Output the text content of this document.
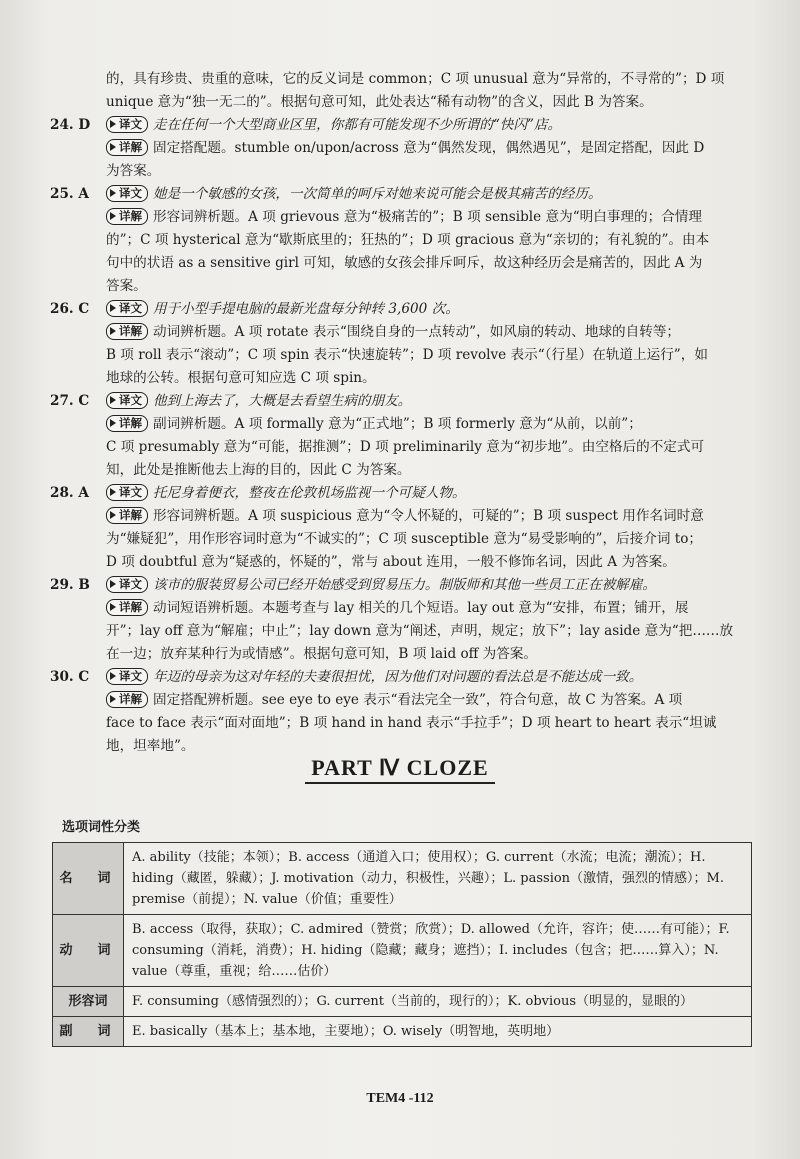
的，具有珍贵、贵重的意味，它的反义词是 common；C 项 unusual 意为“异常的，不寻常的”；D 项
unique 意为“独一无二的”。根据句意可知，此处表达“稀有动物”的含义，因此 B 为答案。
24. D	译文 走在任何一个大型商业区里，你都有可能发现不少所谓的“快闪”店。
详解 固定搭配题。stumble on/upon/across 意为“偶然发现，偶然遇见”，是固定搭配，因此 D
为答案。
25. A	译文 她是一个敏感的女孩，一次简单的呵斥对她来说可能会是极其痛苦的经历。
详解 形容词辨析题。A 项 grievous 意为“极痛苦的”；B 项 sensible 意为“明白事理的；合情理
的”；C 项 hysterical 意为“歇斯底里的；狂热的”；D 项 gracious 意为“亲切的；有礼貌的”。由本
句中的状语 as a sensitive girl 可知，敏感的女孩会排斥呵斥，故这种经历会是痛苦的，因此 A 为
答案。
26. C	译文 用于小型手提电脑的最新光盘每分钟转 3,600 次。
详解 动词辨析题。A 项 rotate 表示“围绕自身的一点转动”，如风扇的转动、地球的自转等；
B 项 roll 表示“滚动”；C 项 spin 表示“快速旋转”；D 项 revolve 表示“（行星）在轨道上运行”，如
地球的公转。根据句意可知应选 C 项 spin。
27. C	译文 他到上海去了，大概是去看望生病的朋友。
详解 副词辨析题。A 项 formally 意为“正式地”；B 项 formerly 意为“从前，以前”；
C 项 presumably 意为“可能，据推测”；D 项 preliminarily 意为“初步地”。由空格后的不定式可
知，此处是推断他去上海的目的，因此 C 为答案。
28. A	译文 托尼身着便衣，整夜在伦敦机场监视一个可疑人物。
详解 形容词辨析题。A 项 suspicious 意为“令人怀疑的，可疑的”；B 项 suspect 用作名词时意
为“嫌疑犯”，用作形容词时意为“不诚实的”；C 项 susceptible 意为“易受影响的”，后接介词 to；
D 项 doubtful 意为“疑惑的，怀疑的”，常与 about 连用，一般不修饰名词，因此 A 为答案。
29. B	译文 该市的服装贸易公司已经开始感受到贸易压力。制版师和其他一些员工正在被解雇。
详解 动词短语辨析题。本题考查与 lay 相关的几个短语。lay out 意为“安排，布置；铺开，展
开”；lay off 意为“解雇；中止”；lay down 意为“阐述，声明，规定；放下”；lay aside 意为“把……放
在一边；放弃某种行为或情感”。根据句意可知，B 项 laid off 为答案。
30. C	译文 年迈的母亲为这对年轻的夫妻很担忧，因为他们对问题的看法总是不能达成一致。
详解 固定搭配辨析题。see eye to eye 表示“看法完全一致”，符合句意，故 C 为答案。A 项
face to face 表示“面对面地”；B 项 hand in hand 表示“手拉手”；D 项 heart to heart 表示“坦诚
地，坦率地”。
PART Ⅳ CLOZE
选项词性分类
名　词	A. ability（技能；本领）；B. access（通道入口；使用权）；G. current（水流；电流；潮流）；H. hiding（藏匿，躲藏）；J. motivation（动力，积极性，兴趣）；L. passion（激情，强烈的情感）；M. premise（前提）；N. value（价值；重要性）
动　词	B. access（取得，获取）；C. admired（赞赏；欣赏）；D. allowed（允许，容许；使……有可能）；F. consuming（消耗，消费）；H. hiding（隐藏；藏身；遮挡）；I. includes（包含；把……算入）；N. value（尊重，重视；给……估价）
形容词	F. consuming（感情强烈的）；G. current（当前的，现行的）；K. obvious（明显的，显眼的）
副　词	E. basically（基本上；基本地，主要地）；O. wisely（明智地，英明地）
TEM4 -112
